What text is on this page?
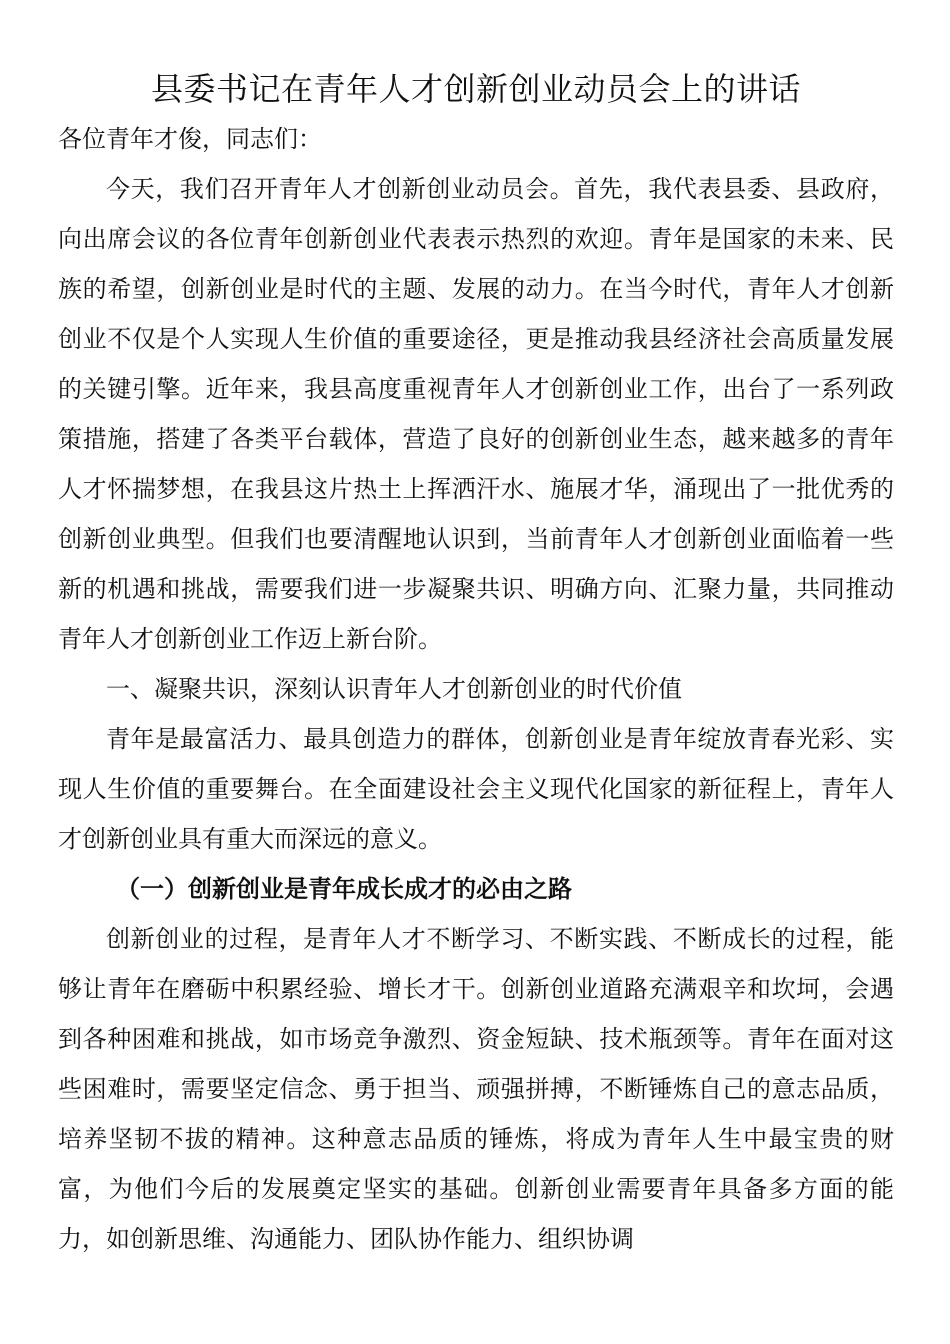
县委书记在青年人才创新创业动员会上的讲话

各位青年才俊，同志们：

今天，我们召开青年人才创新创业动员会。首先，我代表县委、县政府，向出席会议的各位青年创新创业代表表示热烈的欢迎。青年是国家的未来、民族的希望，创新创业是时代的主题、发展的动力。在当今时代，青年人才创新创业不仅是个人实现人生价值的重要途径，更是推动我县经济社会高质量发展的关键引擎。近年来，我县高度重视青年人才创新创业工作，出台了一系列政策措施，搭建了各类平台载体，营造了良好的创新创业生态，越来越多的青年人才怀揣梦想，在我县这片热土上挥洒汗水、施展才华，涌现出了一批优秀的创新创业典型。但我们也要清醒地认识到，当前青年人才创新创业面临着一些新的机遇和挑战，需要我们进一步凝聚共识、明确方向、汇聚力量，共同推动青年人才创新创业工作迈上新台阶。

一、凝聚共识，深刻认识青年人才创新创业的时代价值

青年是最富活力、最具创造力的群体，创新创业是青年绽放青春光彩、实现人生价值的重要舞台。在全面建设社会主义现代化国家的新征程上，青年人才创新创业具有重大而深远的意义。

（一）创新创业是青年成长成才的必由之路

创新创业的过程，是青年人才不断学习、不断实践、不断成长的过程，能够让青年在磨砺中积累经验、增长才干。创新创业道路充满艰辛和坎坷，会遇到各种困难和挑战，如市场竞争激烈、资金短缺、技术瓶颈等。青年在面对这些困难时，需要坚定信念、勇于担当、顽强拼搏，不断锤炼自己的意志品质，培养坚韧不拔的精神。这种意志品质的锤炼，将成为青年人生中最宝贵的财富，为他们今后的发展奠定坚实的基础。创新创业需要青年具备多方面的能力，如创新思维、沟通能力、团队协作能力、组织协调
